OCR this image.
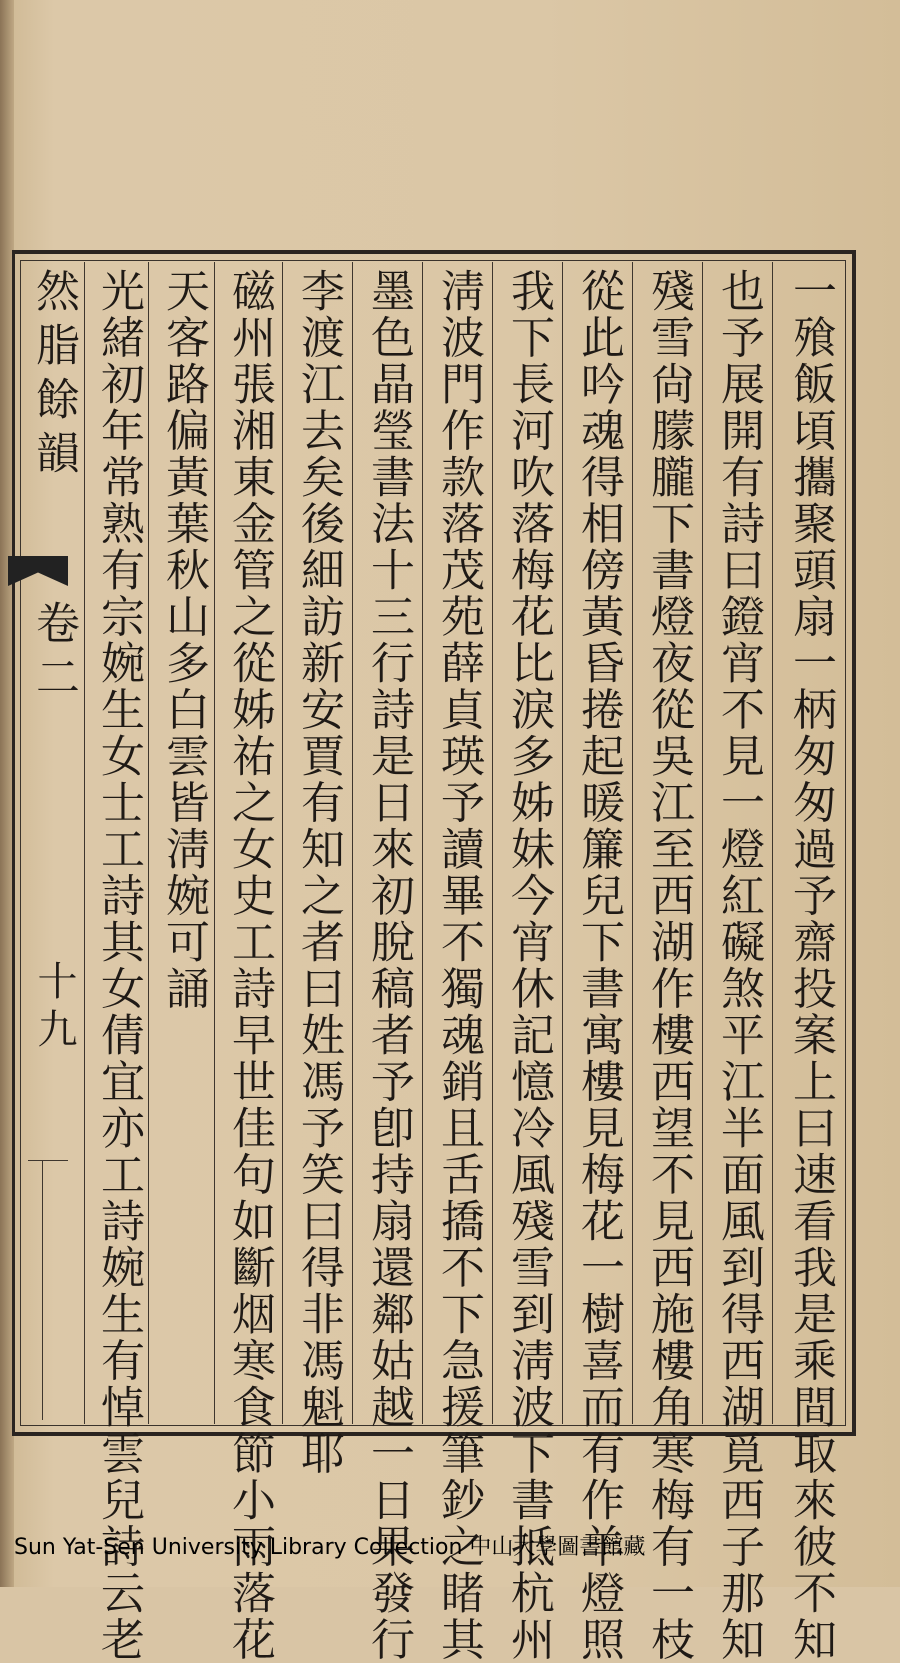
然脂餘韻
卷二
十九	一飱飯頃攜聚頭扇一柄匆匆過予齋投案上曰速看我是乘間取來彼不知
也予展開有詩曰鐙宵不見一燈紅礙煞平江半面風到得西湖覓西子那知
殘雪尙朦朧下書燈夜從吳江至西湖作樓西望不見西施樓角寒梅有一枝
從此吟魂得相傍黃昏捲起暖簾兒下書寓樓見梅花一樹喜而有作羊燈照
我下長河吹落梅花比淚多姊妹今宵休記憶冷風殘雪到淸波下書抵杭州
淸波門作款落茂苑薛貞瑛予讀畢不獨魂銷且舌撟不下急援筆鈔之睹其
墨色晶瑩書法十三行詩是日來初脫稿者予卽持扇還鄰姑越一日果發行
李渡江去矣後細訪新安賈有知之者曰姓馮予笑曰得非馮魁耶
磁州張湘東金管之從姊祐之女史工詩早世佳句如斷烟寒食節小雨落花
天客路偏黃葉秋山多白雲皆淸婉可誦
光緒初年常熟有宗婉生女士工詩其女倩宜亦工詩婉生有悼雲兒詩云老
Sun Yat-Sen University Library Collection 中山大學圖書館藏
